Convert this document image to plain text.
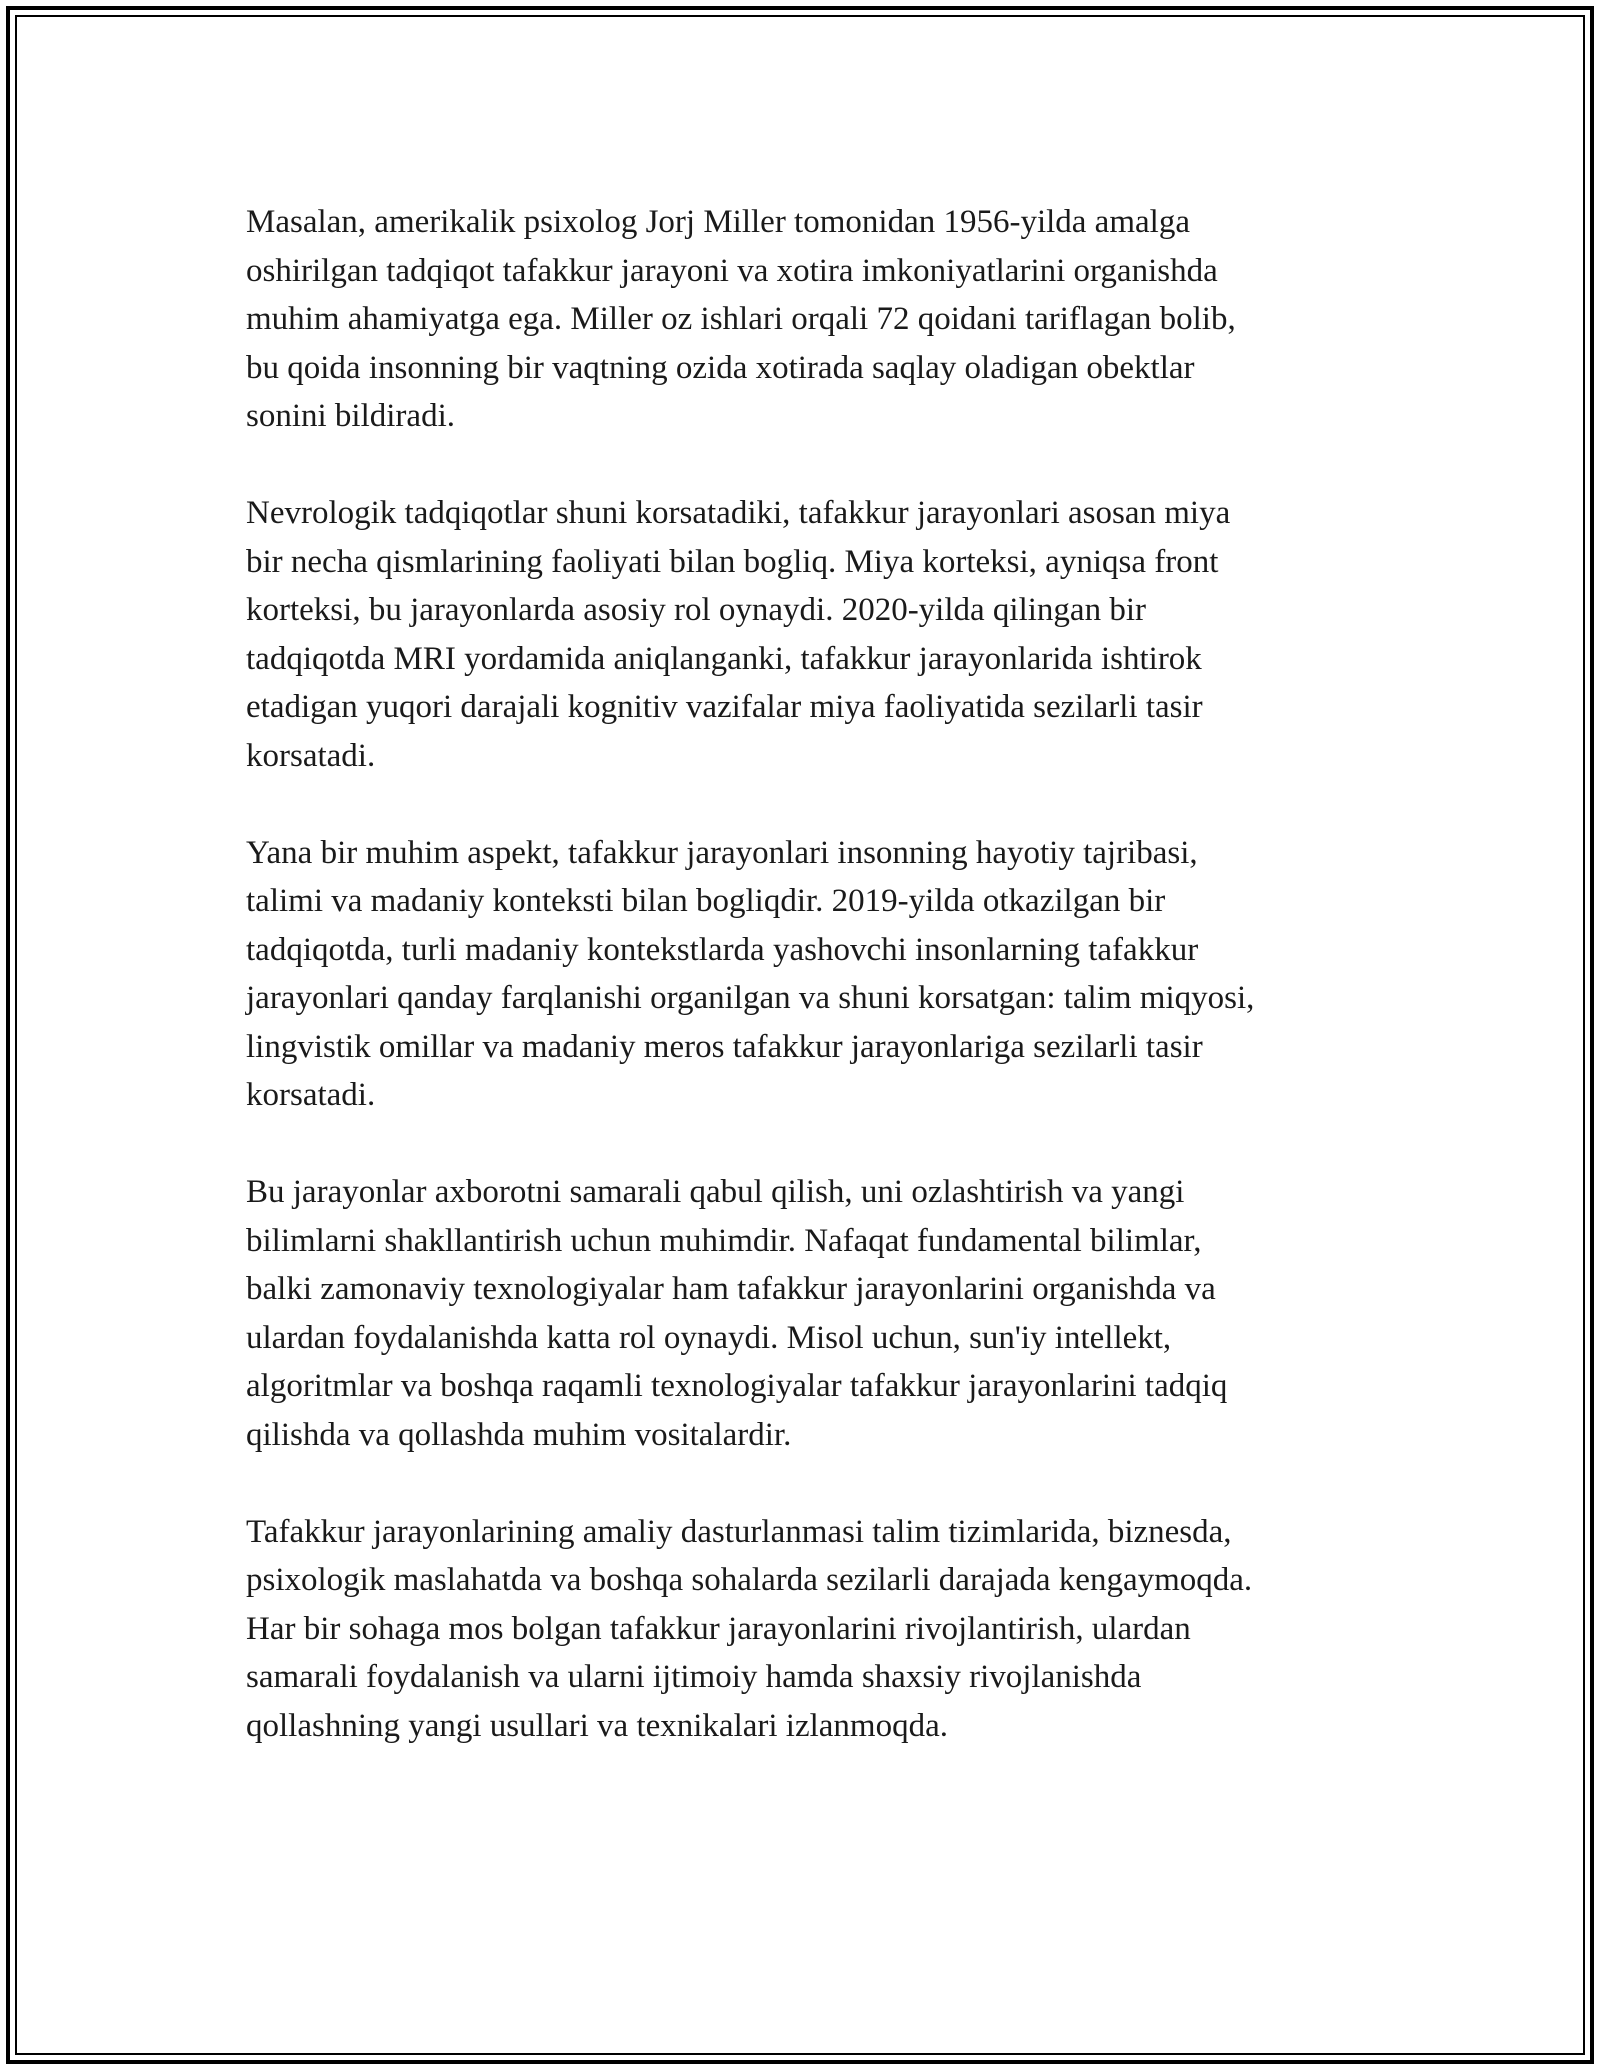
Masalan, amerikalik psixolog Jorj Miller tomonidan 1956-yilda amalga
oshirilgan tadqiqot tafakkur jarayoni va xotira imkoniyatlarini organishda
muhim ahamiyatga ega. Miller oz ishlari orqali 72 qoidani tariflagan bolib,
bu qoida insonning bir vaqtning ozida xotirada saqlay oladigan obektlar
sonini bildiradi.

Nevrologik tadqiqotlar shuni korsatadiki, tafakkur jarayonlari asosan miya
bir necha qismlarining faoliyati bilan bogliq. Miya korteksi, ayniqsa front
korteksi, bu jarayonlarda asosiy rol oynaydi. 2020-yilda qilingan bir
tadqiqotda MRI yordamida aniqlanganki, tafakkur jarayonlarida ishtirok
etadigan yuqori darajali kognitiv vazifalar miya faoliyatida sezilarli tasir
korsatadi.

Yana bir muhim aspekt, tafakkur jarayonlari insonning hayotiy tajribasi,
talimi va madaniy konteksti bilan bogliqdir. 2019-yilda otkazilgan bir
tadqiqotda, turli madaniy kontekstlarda yashovchi insonlarning tafakkur
jarayonlari qanday farqlanishi organilgan va shuni korsatgan: talim miqyosi,
lingvistik omillar va madaniy meros tafakkur jarayonlariga sezilarli tasir
korsatadi.

Bu jarayonlar axborotni samarali qabul qilish, uni ozlashtirish va yangi
bilimlarni shakllantirish uchun muhimdir. Nafaqat fundamental bilimlar,
balki zamonaviy texnologiyalar ham tafakkur jarayonlarini organishda va
ulardan foydalanishda katta rol oynaydi. Misol uchun, sun'iy intellekt,
algoritmlar va boshqa raqamli texnologiyalar tafakkur jarayonlarini tadqiq
qilishda va qollashda muhim vositalardir.

Tafakkur jarayonlarining amaliy dasturlanmasi talim tizimlarida, biznesda,
psixologik maslahatda va boshqa sohalarda sezilarli darajada kengaymoqda.
Har bir sohaga mos bolgan tafakkur jarayonlarini rivojlantirish, ulardan
samarali foydalanish va ularni ijtimoiy hamda shaxsiy rivojlanishda
qollashning yangi usullari va texnikalari izlanmoqda.
